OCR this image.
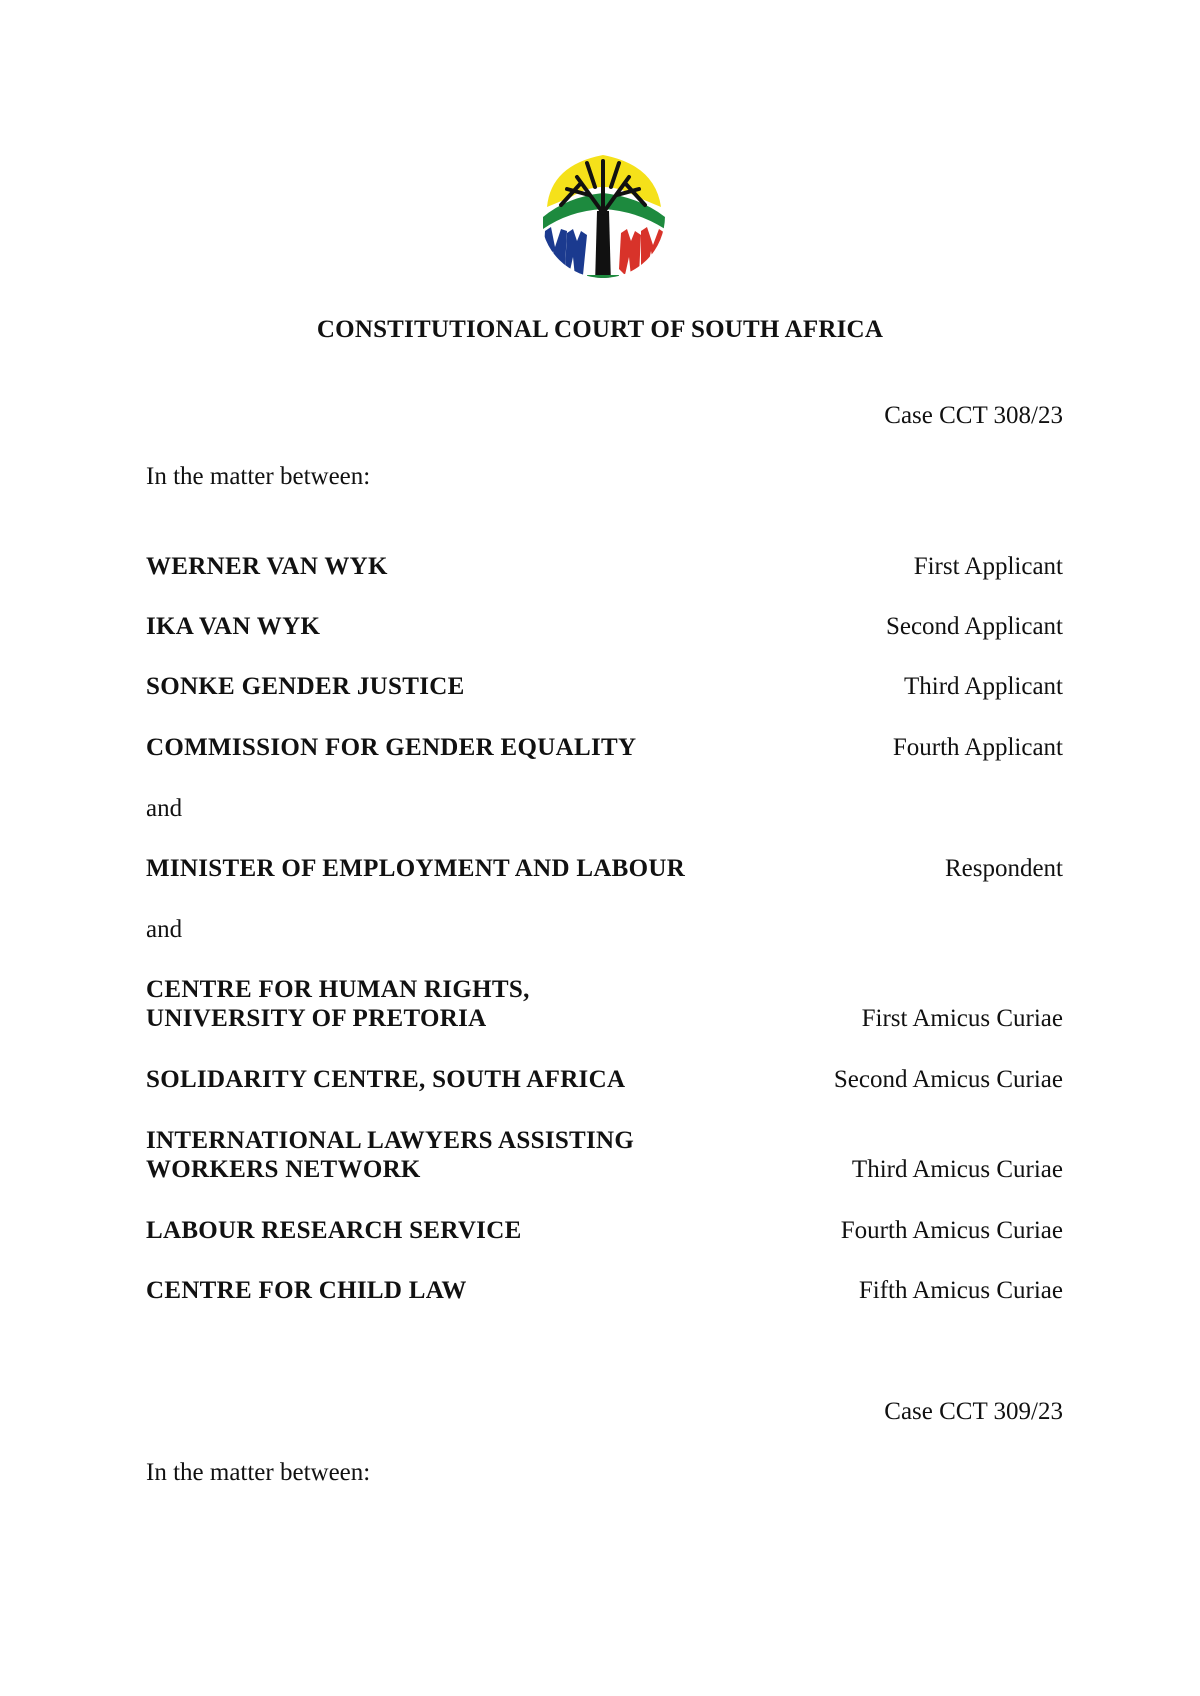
CONSTITUTIONAL COURT OF SOUTH AFRICA
Case CCT 308/23
In the matter between:
WERNER VAN WYK	First Applicant
IKA VAN WYK	Second Applicant
SONKE GENDER JUSTICE	Third Applicant
COMMISSION FOR GENDER EQUALITY	Fourth Applicant
and
MINISTER OF EMPLOYMENT AND LABOUR	Respondent
and
CENTRE FOR HUMAN RIGHTS,
UNIVERSITY OF PRETORIA	First Amicus Curiae
SOLIDARITY CENTRE, SOUTH AFRICA	Second Amicus Curiae
INTERNATIONAL LAWYERS ASSISTING
WORKERS NETWORK	Third Amicus Curiae
LABOUR RESEARCH SERVICE	Fourth Amicus Curiae
CENTRE FOR CHILD LAW	Fifth Amicus Curiae
Case CCT 309/23
In the matter between:
